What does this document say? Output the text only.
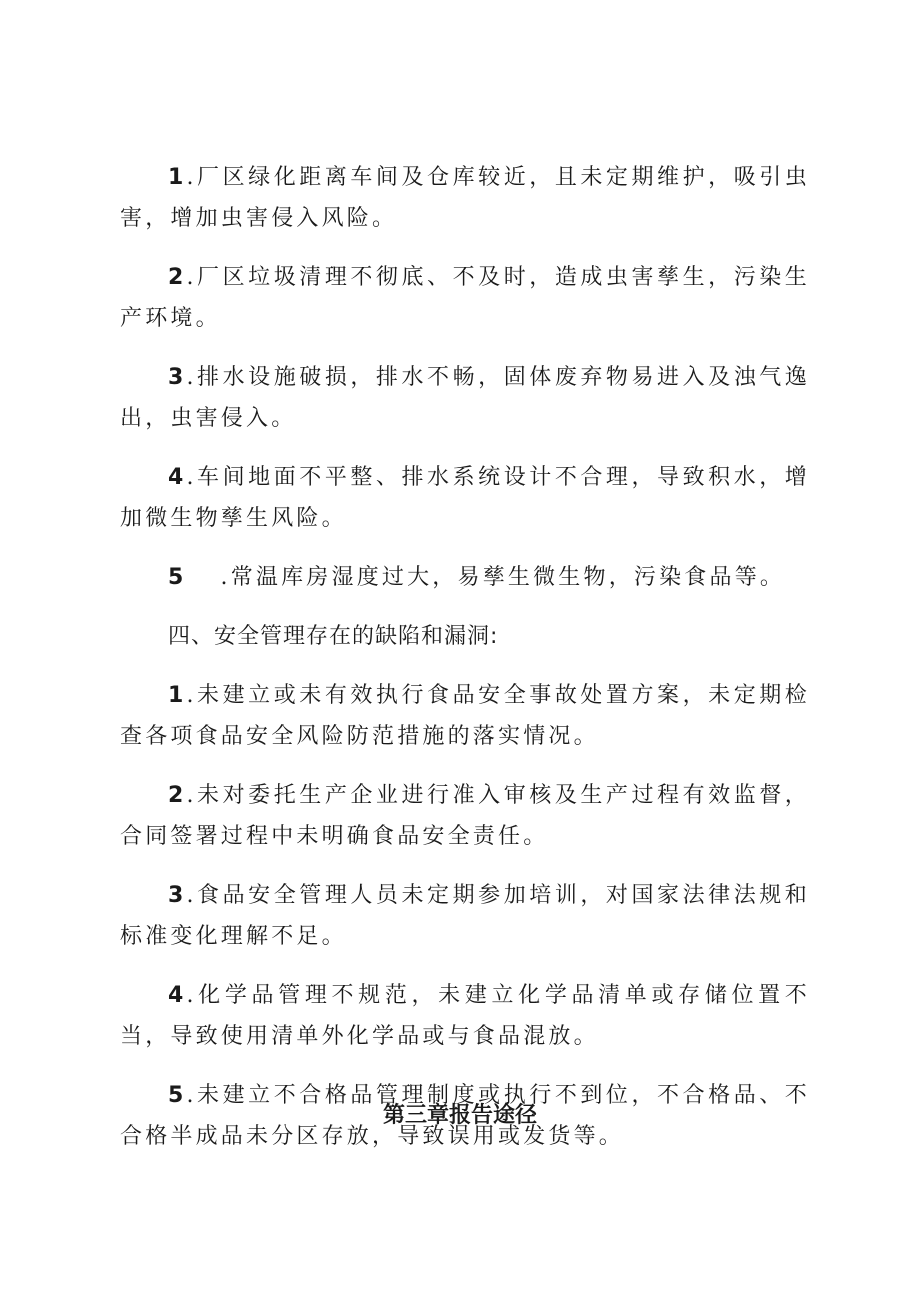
1.厂区绿化距离车间及仓库较近，且未定期维护，吸引虫害，增加虫害侵入风险。

2.厂区垃圾清理不彻底、不及时，造成虫害孳生，污染生产环境。

3.排水设施破损，排水不畅，固体废弃物易进入及浊气逸出，虫害侵入。

4.车间地面不平整、排水系统设计不合理，导致积水，增加微生物孳生风险。

5 .常温库房湿度过大，易孳生微生物，污染食品等。

四、安全管理存在的缺陷和漏洞:

1.未建立或未有效执行食品安全事故处置方案，未定期检查各项食品安全风险防范措施的落实情况。

2.未对委托生产企业进行准入审核及生产过程有效监督，合同签署过程中未明确食品安全责任。

3.食品安全管理人员未定期参加培训，对国家法律法规和标准变化理解不足。

4.化学品管理不规范，未建立化学品清单或存储位置不当，导致使用清单外化学品或与食品混放。

5.未建立不合格品管理制度或执行不到位，不合格品、不合格半成品未分区存放，导致误用或发货等。

第三章报告途径
